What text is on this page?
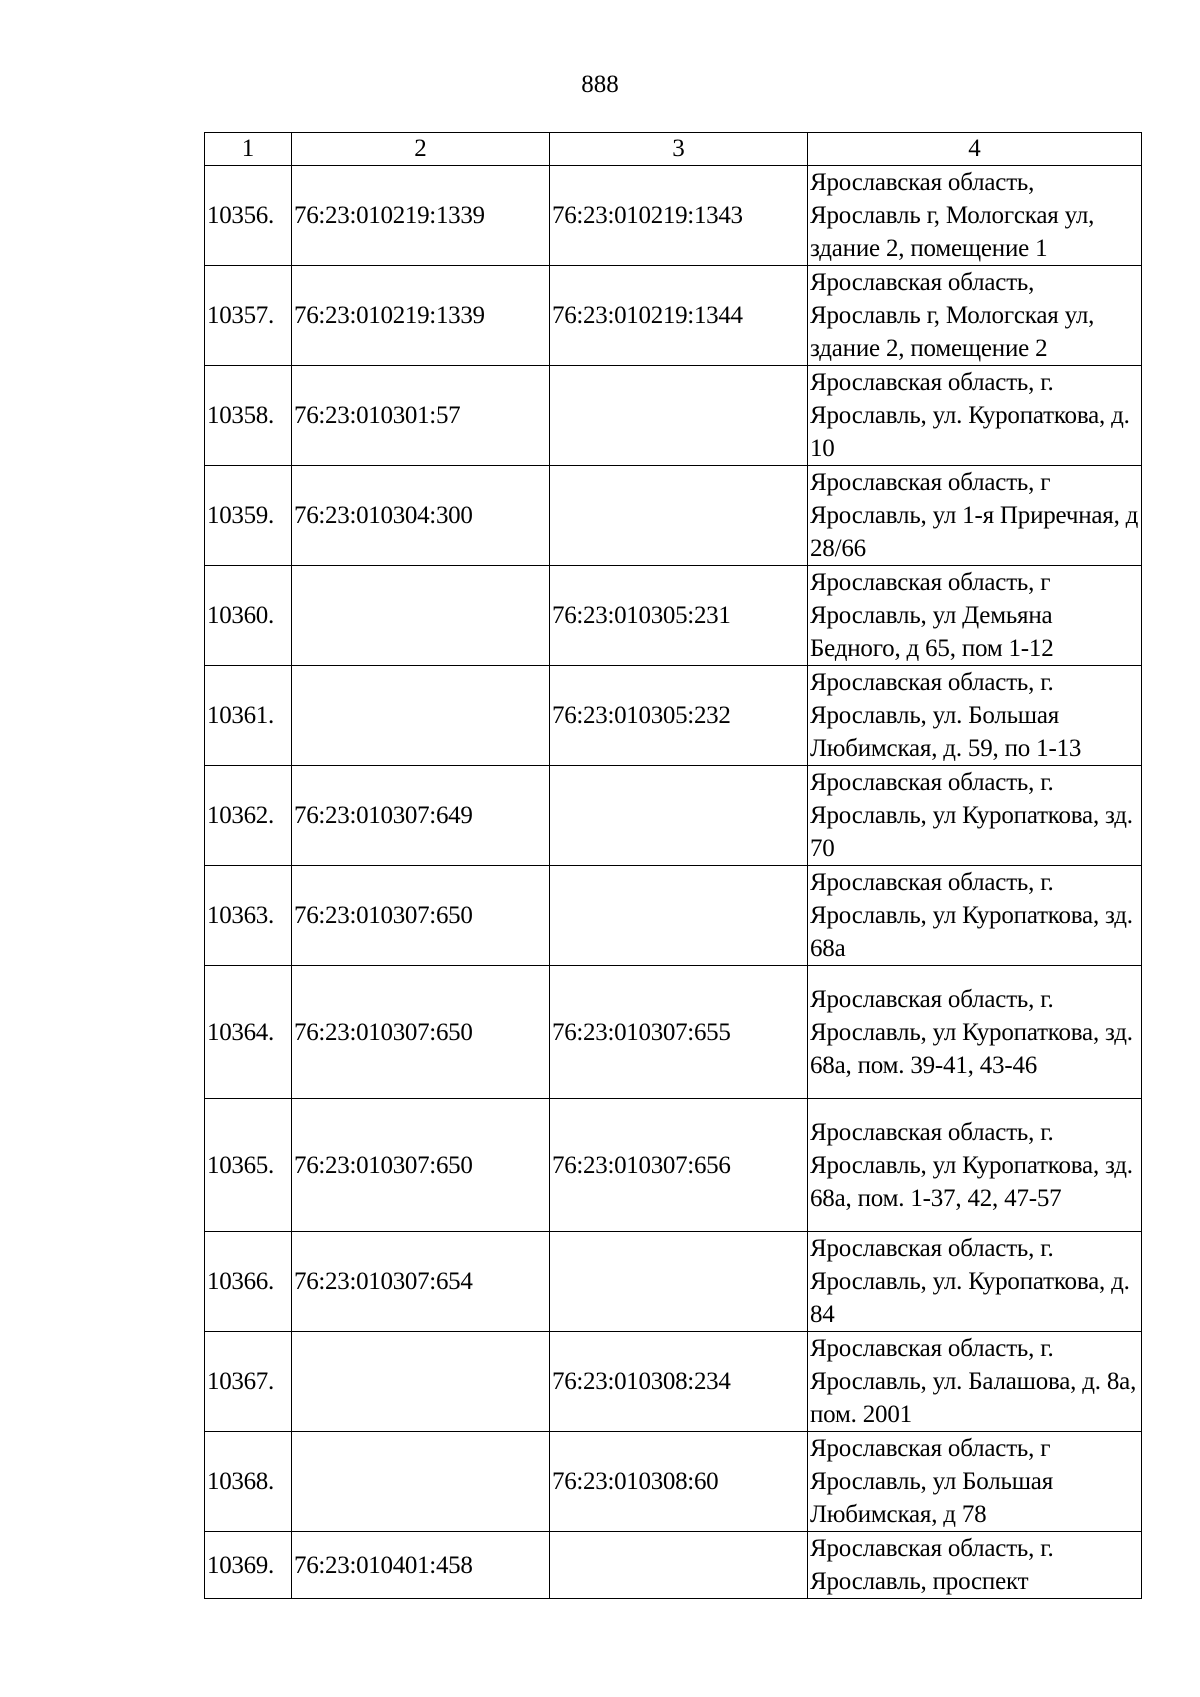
888
1	2	3	4
10356.	76:23:010219:1339	76:23:010219:1343	Ярославская область, Ярославль г, Мологская ул, здание 2, помещение 1
10357.	76:23:010219:1339	76:23:010219:1344	Ярославская область, Ярославль г, Мологская ул, здание 2, помещение 2
10358.	76:23:010301:57		Ярославская область, г. Ярославль, ул. Куропаткова, д. 10
10359.	76:23:010304:300		Ярославская область, г Ярославль, ул 1-я Приречная, д 28/66
10360.		76:23:010305:231	Ярославская область, г Ярославль, ул Демьяна Бедного, д 65, пом 1-12
10361.		76:23:010305:232	Ярославская область, г. Ярославль, ул. Большая Любимская, д. 59, по 1-13
10362.	76:23:010307:649		Ярославская область, г. Ярославль, ул Куропаткова, зд. 70
10363.	76:23:010307:650		Ярославская область, г. Ярославль, ул Куропаткова, зд. 68а
10364.	76:23:010307:650	76:23:010307:655	Ярославская область, г. Ярославль, ул Куропаткова, зд. 68а, пом. 39-41, 43-46
10365.	76:23:010307:650	76:23:010307:656	Ярославская область, г. Ярославль, ул Куропаткова, зд. 68а, пом. 1-37, 42, 47-57
10366.	76:23:010307:654		Ярославская область, г. Ярославль, ул. Куропаткова, д. 84
10367.		76:23:010308:234	Ярославская область, г. Ярославль, ул. Балашова, д. 8а, пом. 2001
10368.		76:23:010308:60	Ярославская область, г Ярославль, ул Большая Любимская, д 78
10369.	76:23:010401:458		Ярославская область, г. Ярославль, проспект
